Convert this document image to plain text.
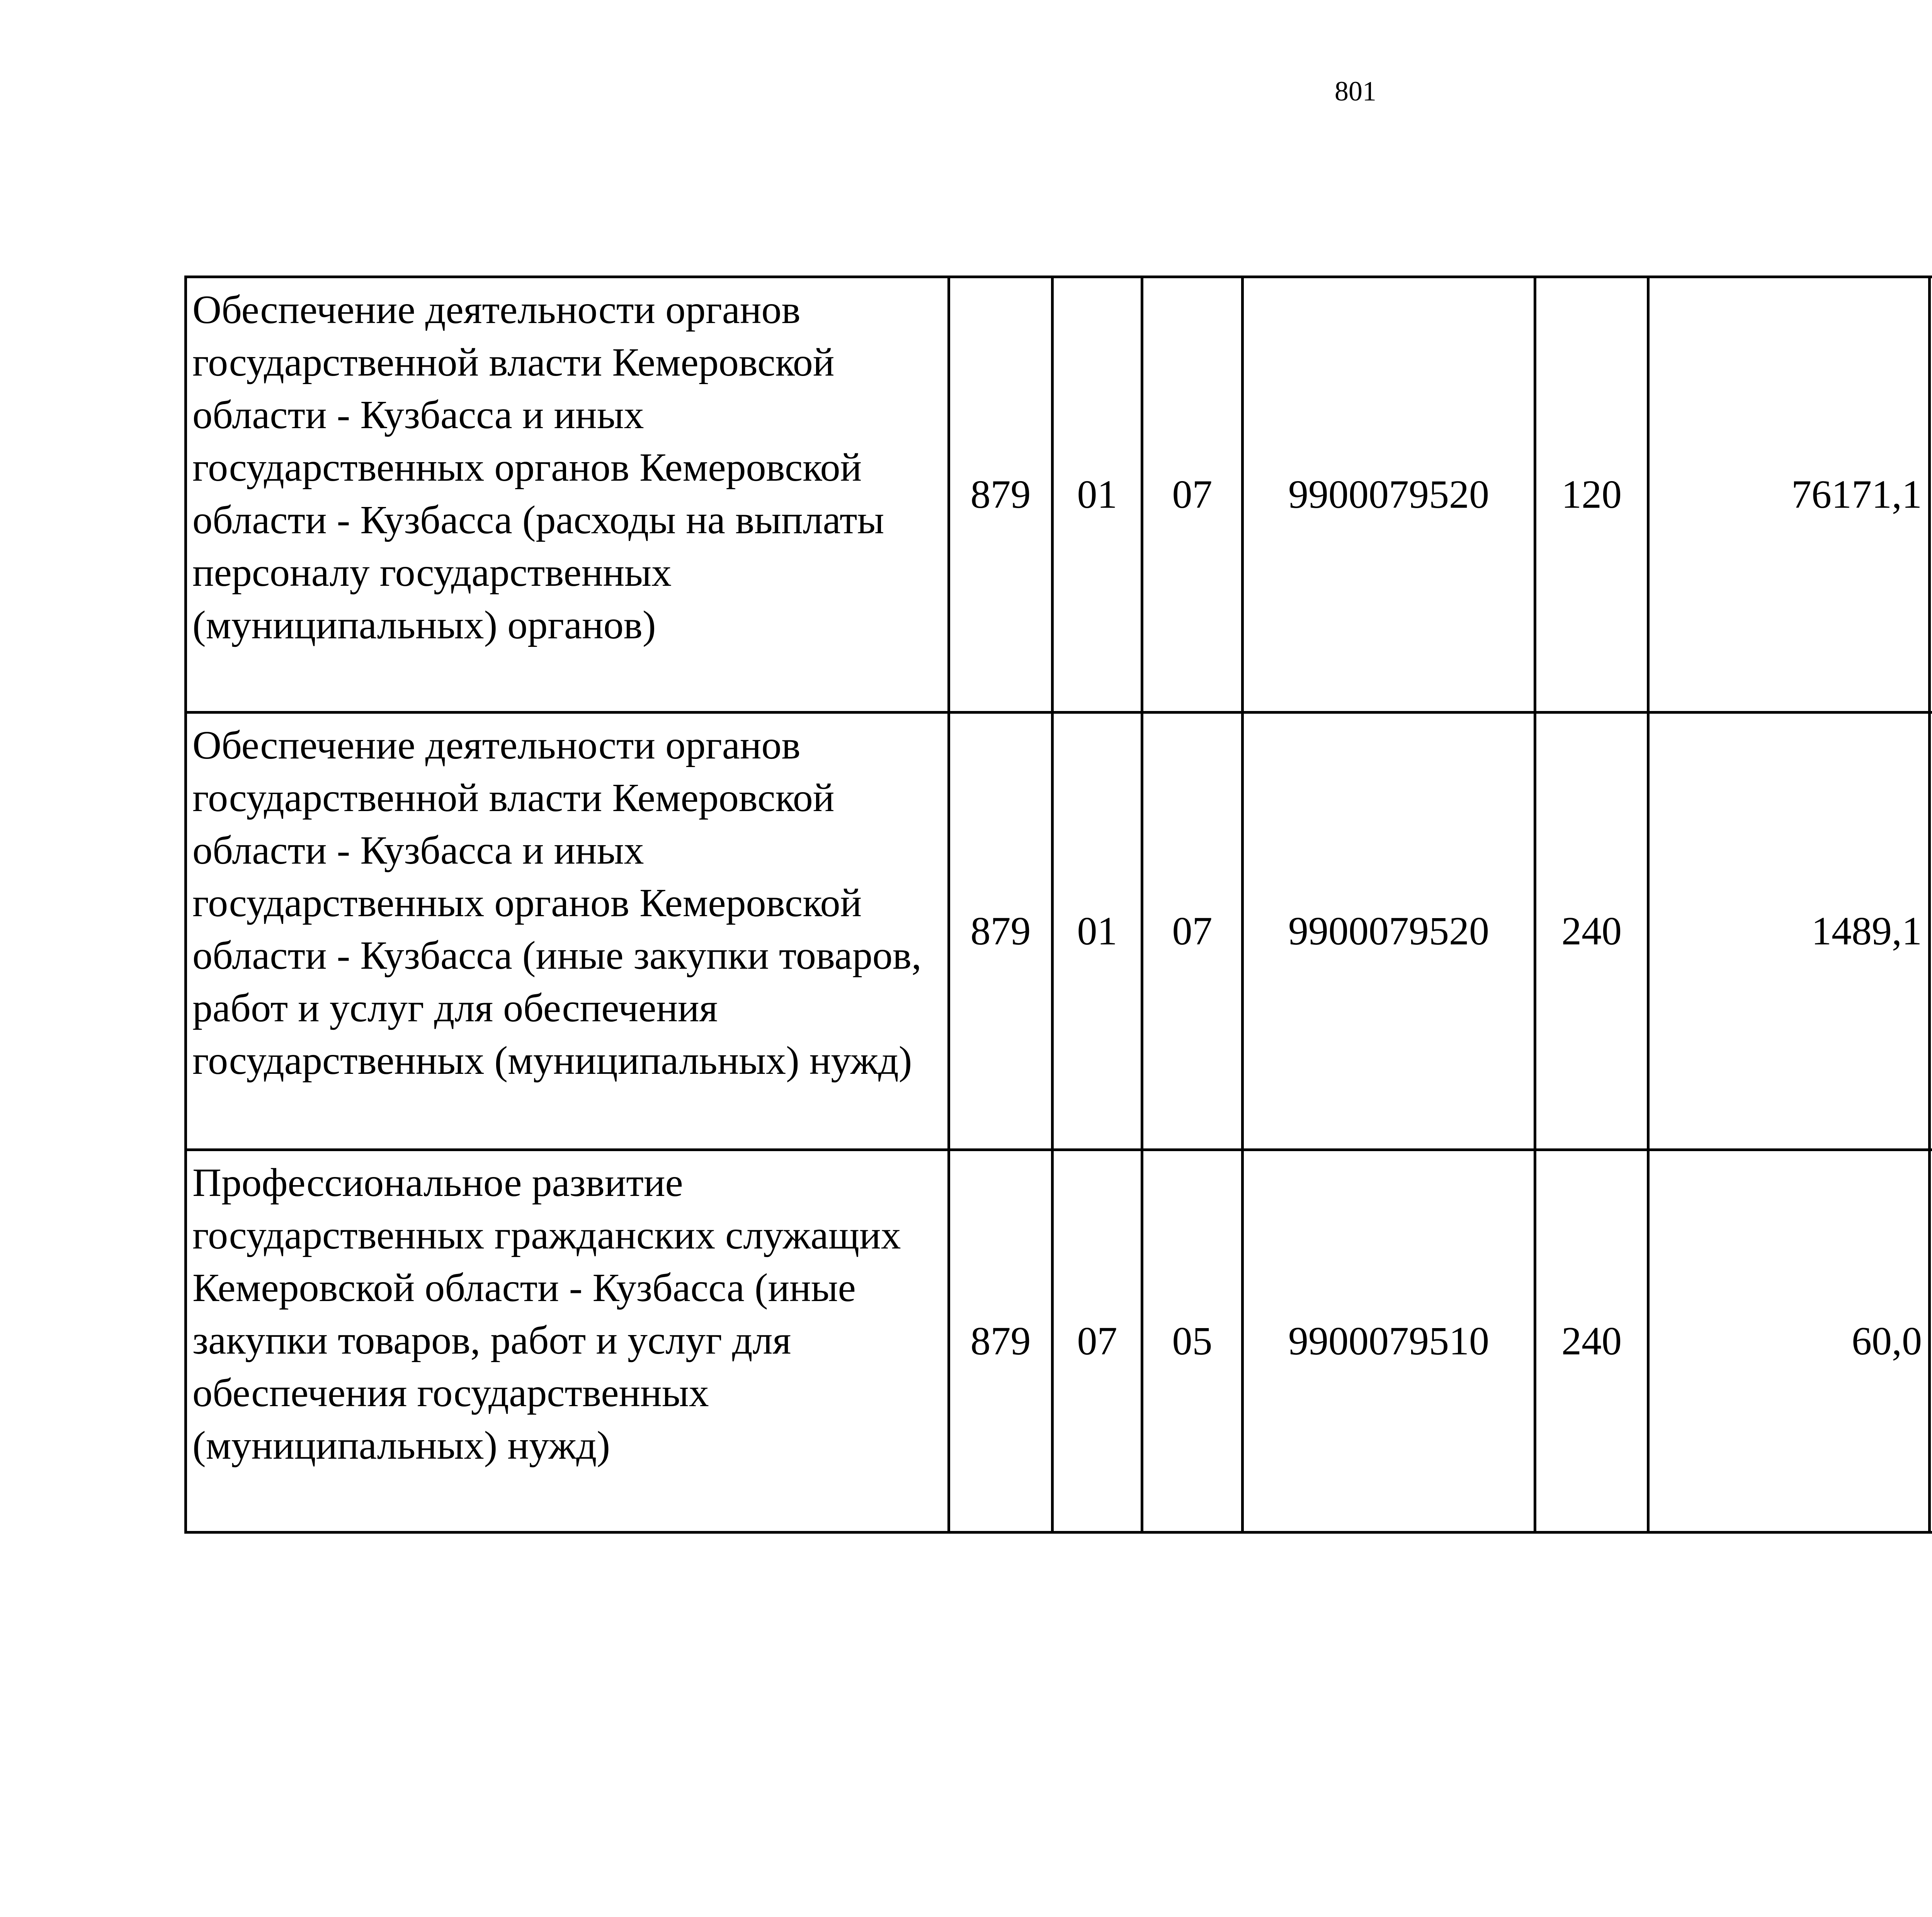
801
Обеспечение деятельности органов государственной власти Кемеровской области - Кузбасса и иных государственных органов Кемеровской области - Кузбасса (расходы на выплаты персоналу государственных (муниципальных) органов)	879	01	07	9900079520	120	76171,1		
Обеспечение деятельности органов государственной власти Кемеровской области - Кузбасса и иных государственных органов Кемеровской области - Кузбасса (иные закупки товаров, работ и услуг для обеспечения государственных (муниципальных) нужд)	879	01	07	9900079520	240	1489,1		
Профессиональное развитие государственных гражданских служащих Кемеровской области - Кузбасса (иные закупки товаров, работ и услуг для обеспечения государственных (муниципальных) нужд)	879	07	05	9900079510	240	60,0		
